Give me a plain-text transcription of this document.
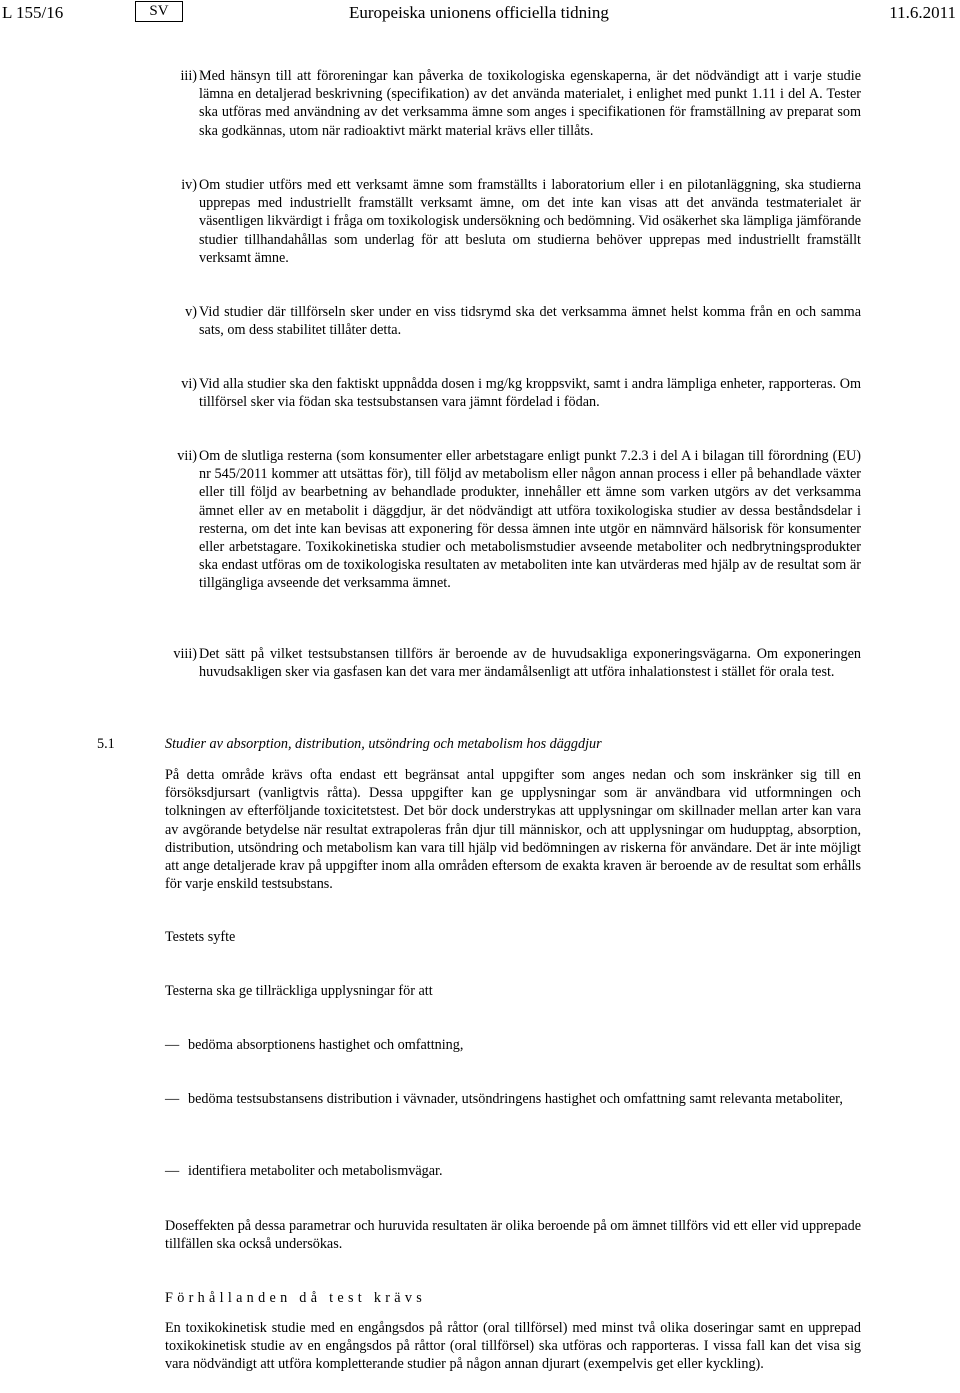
L 155/16	SV	Europeiska unionens officiella tidning	11.6.2011
iii) Med hänsyn till att föroreningar kan påverka de toxikologiska egenskaperna, är det nödvändigt att i varje studie lämna en detaljerad beskrivning (specifikation) av det använda materialet, i enlighet med punkt 1.11 i del A. Tester ska utföras med användning av det verksamma ämne som anges i specifikationen för framställning av preparat som ska godkännas, utom när radioaktivt märkt material krävs eller tillåts.
iv) Om studier utförs med ett verksamt ämne som framställts i laboratorium eller i en pilotanläggning, ska studierna upprepas med industriellt framställt verksamt ämne, om det inte kan visas att det använda testmaterialet är väsentligen likvärdigt i fråga om toxikologisk undersökning och bedömning. Vid osäkerhet ska lämpliga jämförande studier tillhandahållas som underlag för att besluta om studierna behöver upprepas med industriellt framställt verksamt ämne.
v) Vid studier där tillförseln sker under en viss tidsrymd ska det verksamma ämnet helst komma från en och samma sats, om dess stabilitet tillåter detta.
vi) Vid alla studier ska den faktiskt uppnådda dosen i mg/kg kroppsvikt, samt i andra lämpliga enheter, rapporteras. Om tillförsel sker via födan ska testsubstansen vara jämnt fördelad i födan.
vii) Om de slutliga resterna (som konsumenter eller arbetstagare enligt punkt 7.2.3 i del A i bilagan till förordning (EU) nr 545/2011 kommer att utsättas för), till följd av metabolism eller någon annan process i eller på behandlade växter eller till följd av bearbetning av behandlade produkter, innehåller ett ämne som varken utgörs av det verksamma ämnet eller av en metabolit i däggdjur, är det nödvändigt att utföra toxikologiska studier av dessa beståndsdelar i resterna, om det inte kan bevisas att exponering för dessa ämnen inte utgör en nämnvärd hälsorisk för konsumenter eller arbetstagare. Toxikokinetiska studier och metabolismstudier avseende metaboliter och nedbrytningsprodukter ska endast utföras om de toxikologiska resultaten av metaboliten inte kan utvärderas med hjälp av de resultat som är tillgängliga avseende det verksamma ämnet.
viii) Det sätt på vilket testsubstansen tillförs är beroende av de huvudsakliga exponeringsvägarna. Om exponeringen huvudsakligen sker via gasfasen kan det vara mer ändamålsenligt att utföra inhalationstest i stället för orala test.
5.1	Studier av absorption, distribution, utsöndring och metabolism hos däggdjur
På detta område krävs ofta endast ett begränsat antal uppgifter som anges nedan och som inskränker sig till en försöksdjursart (vanligtvis råtta). Dessa uppgifter kan ge upplysningar som är användbara vid utformningen och tolkningen av efterföljande toxicitetstest. Det bör dock understrykas att upplysningar om skillnader mellan arter kan vara av avgörande betydelse när resultat extrapoleras från djur till människor, och att upplysningar om hudupptag, absorption, distribution, utsöndring och metabolism kan vara till hjälp vid bedömningen av riskerna för användare. Det är inte möjligt att ange detaljerade krav på uppgifter inom alla områden eftersom de exakta kraven är beroende av de resultat som erhålls för varje enskild testsubstans.
Testets syfte
Testerna ska ge tillräckliga upplysningar för att
— bedöma absorptionens hastighet och omfattning,
— bedöma testsubstansens distribution i vävnader, utsöndringens hastighet och omfattning samt relevanta metaboliter,
— identifiera metaboliter och metabolismvägar.
Doseffekten på dessa parametrar och huruvida resultaten är olika beroende på om ämnet tillförs vid ett eller vid upprepade tillfällen ska också undersökas.
Förhållanden då test krävs
En toxikokinetisk studie med en engångsdos på råttor (oral tillförsel) med minst två olika doseringar samt en upprepad toxikokinetisk studie av en engångsdos på råttor (oral tillförsel) ska utföras och rapporteras. I vissa fall kan det visa sig vara nödvändigt att utföra kompletterande studier på någon annan djurart (exempelvis get eller kyckling).
